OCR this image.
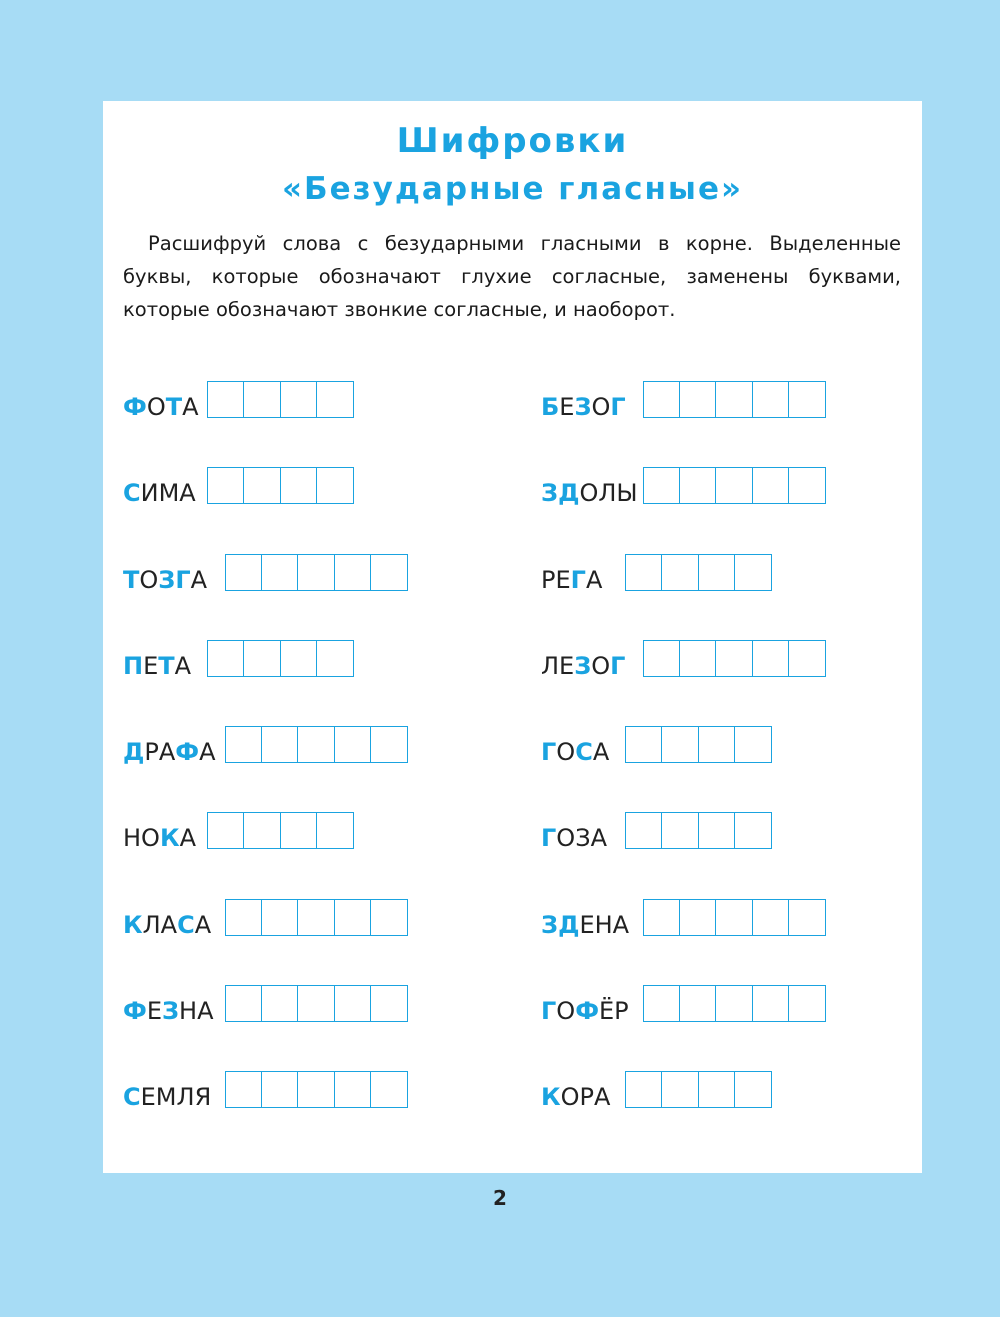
Шифровки
«Безударные гласные»

Расшифруй слова с безударными гласными в корне. Выделенные буквы, которые обозначают глухие согласные, заменены буквами, которые обозначают звонкие согласные, и наоборот.

ФОТА
СИМА
ТОЗГА
ПЕТА
ДРАФА
НОКА
КЛАСА
ФЕЗНА
СЕМЛЯ
БЕЗОГ
ЗДОЛЫ
РЕГА
ЛЕЗОГ
ГОСА
ГОЗА
ЗДЕНА
ГОФЁР
КОРА
2
